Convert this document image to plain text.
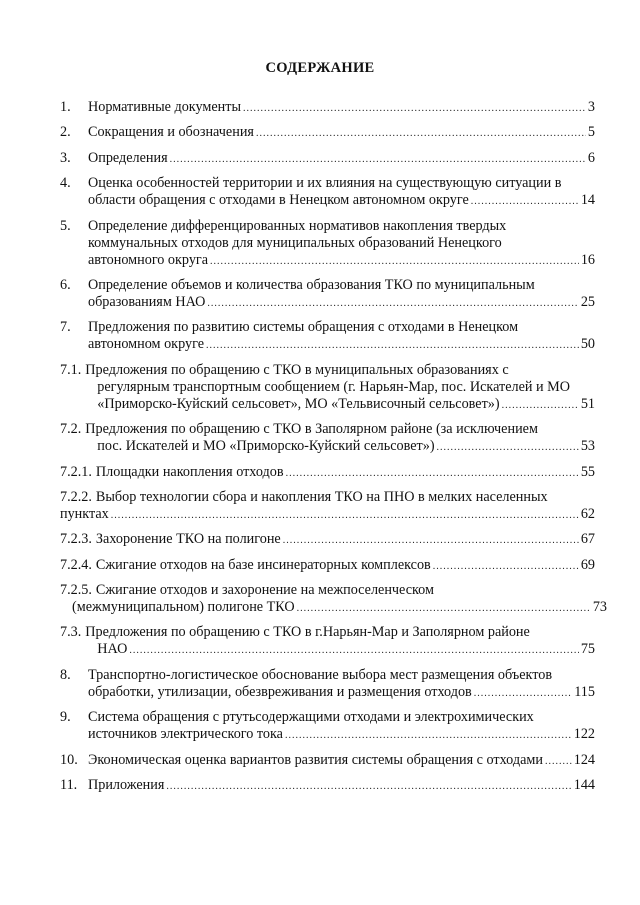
СОДЕРЖАНИЕ
1.	Нормативные документы .....	3
2.	Сокращения и обозначения .....	5
3.	Определения .....	6
4.	Оценка особенностей территории и их влияния на существующую ситуации в
области обращения с отходами в Ненецком автономном округе .....	14
5.	Определение дифференцированных нормативов накопления твердых
коммунальных отходов для муниципальных образований Ненецкого
автономного округа .....	16
6.	Определение объемов и количества образования ТКО по муниципальным
образованиям НАО .....	25
7.	Предложения по развитию системы обращения с отходами в Ненецком
автономном округе .....	50
7.1. Предложения по обращению с ТКО в муниципальных образованиях с
регулярным транспортным сообщением (г. Нарьян-Мар, пос. Искателей и МО
«Приморско-Куйский сельсовет», МО «Тельвисочный сельсовет») .....	51
7.2. Предложения по обращению с ТКО в Заполярном районе (за исключением
пос. Искателей и МО «Приморско-Куйский сельсовет») .....	53
7.2.1. Площадки накопления отходов .....	55
7.2.2. Выбор технологии сбора и накопления ТКО на ПНО в мелких населенных
пунктах .....	62
7.2.3. Захоронение ТКО на полигоне .....	67
7.2.4. Сжигание отходов на базе инсинераторных комплексов .....	69
7.2.5. Сжигание отходов и захоронение на межпоселенческом
(межмуниципальном) полигоне ТКО .....	73
7.3. Предложения по обращению с ТКО в г.Нарьян-Мар и Заполярном районе
НАО .....	75
8.	Транспортно-логистическое обоснование выбора мест размещения объектов
обработки, утилизации, обезвреживания и размещения отходов .....	115
9.	Система обращения с ртутьсодержащими отходами и электрохимических
источников электрического тока .....	122
10. Экономическая оценка вариантов развития системы обращения с отходами ..... 124
11. Приложения .....	144
